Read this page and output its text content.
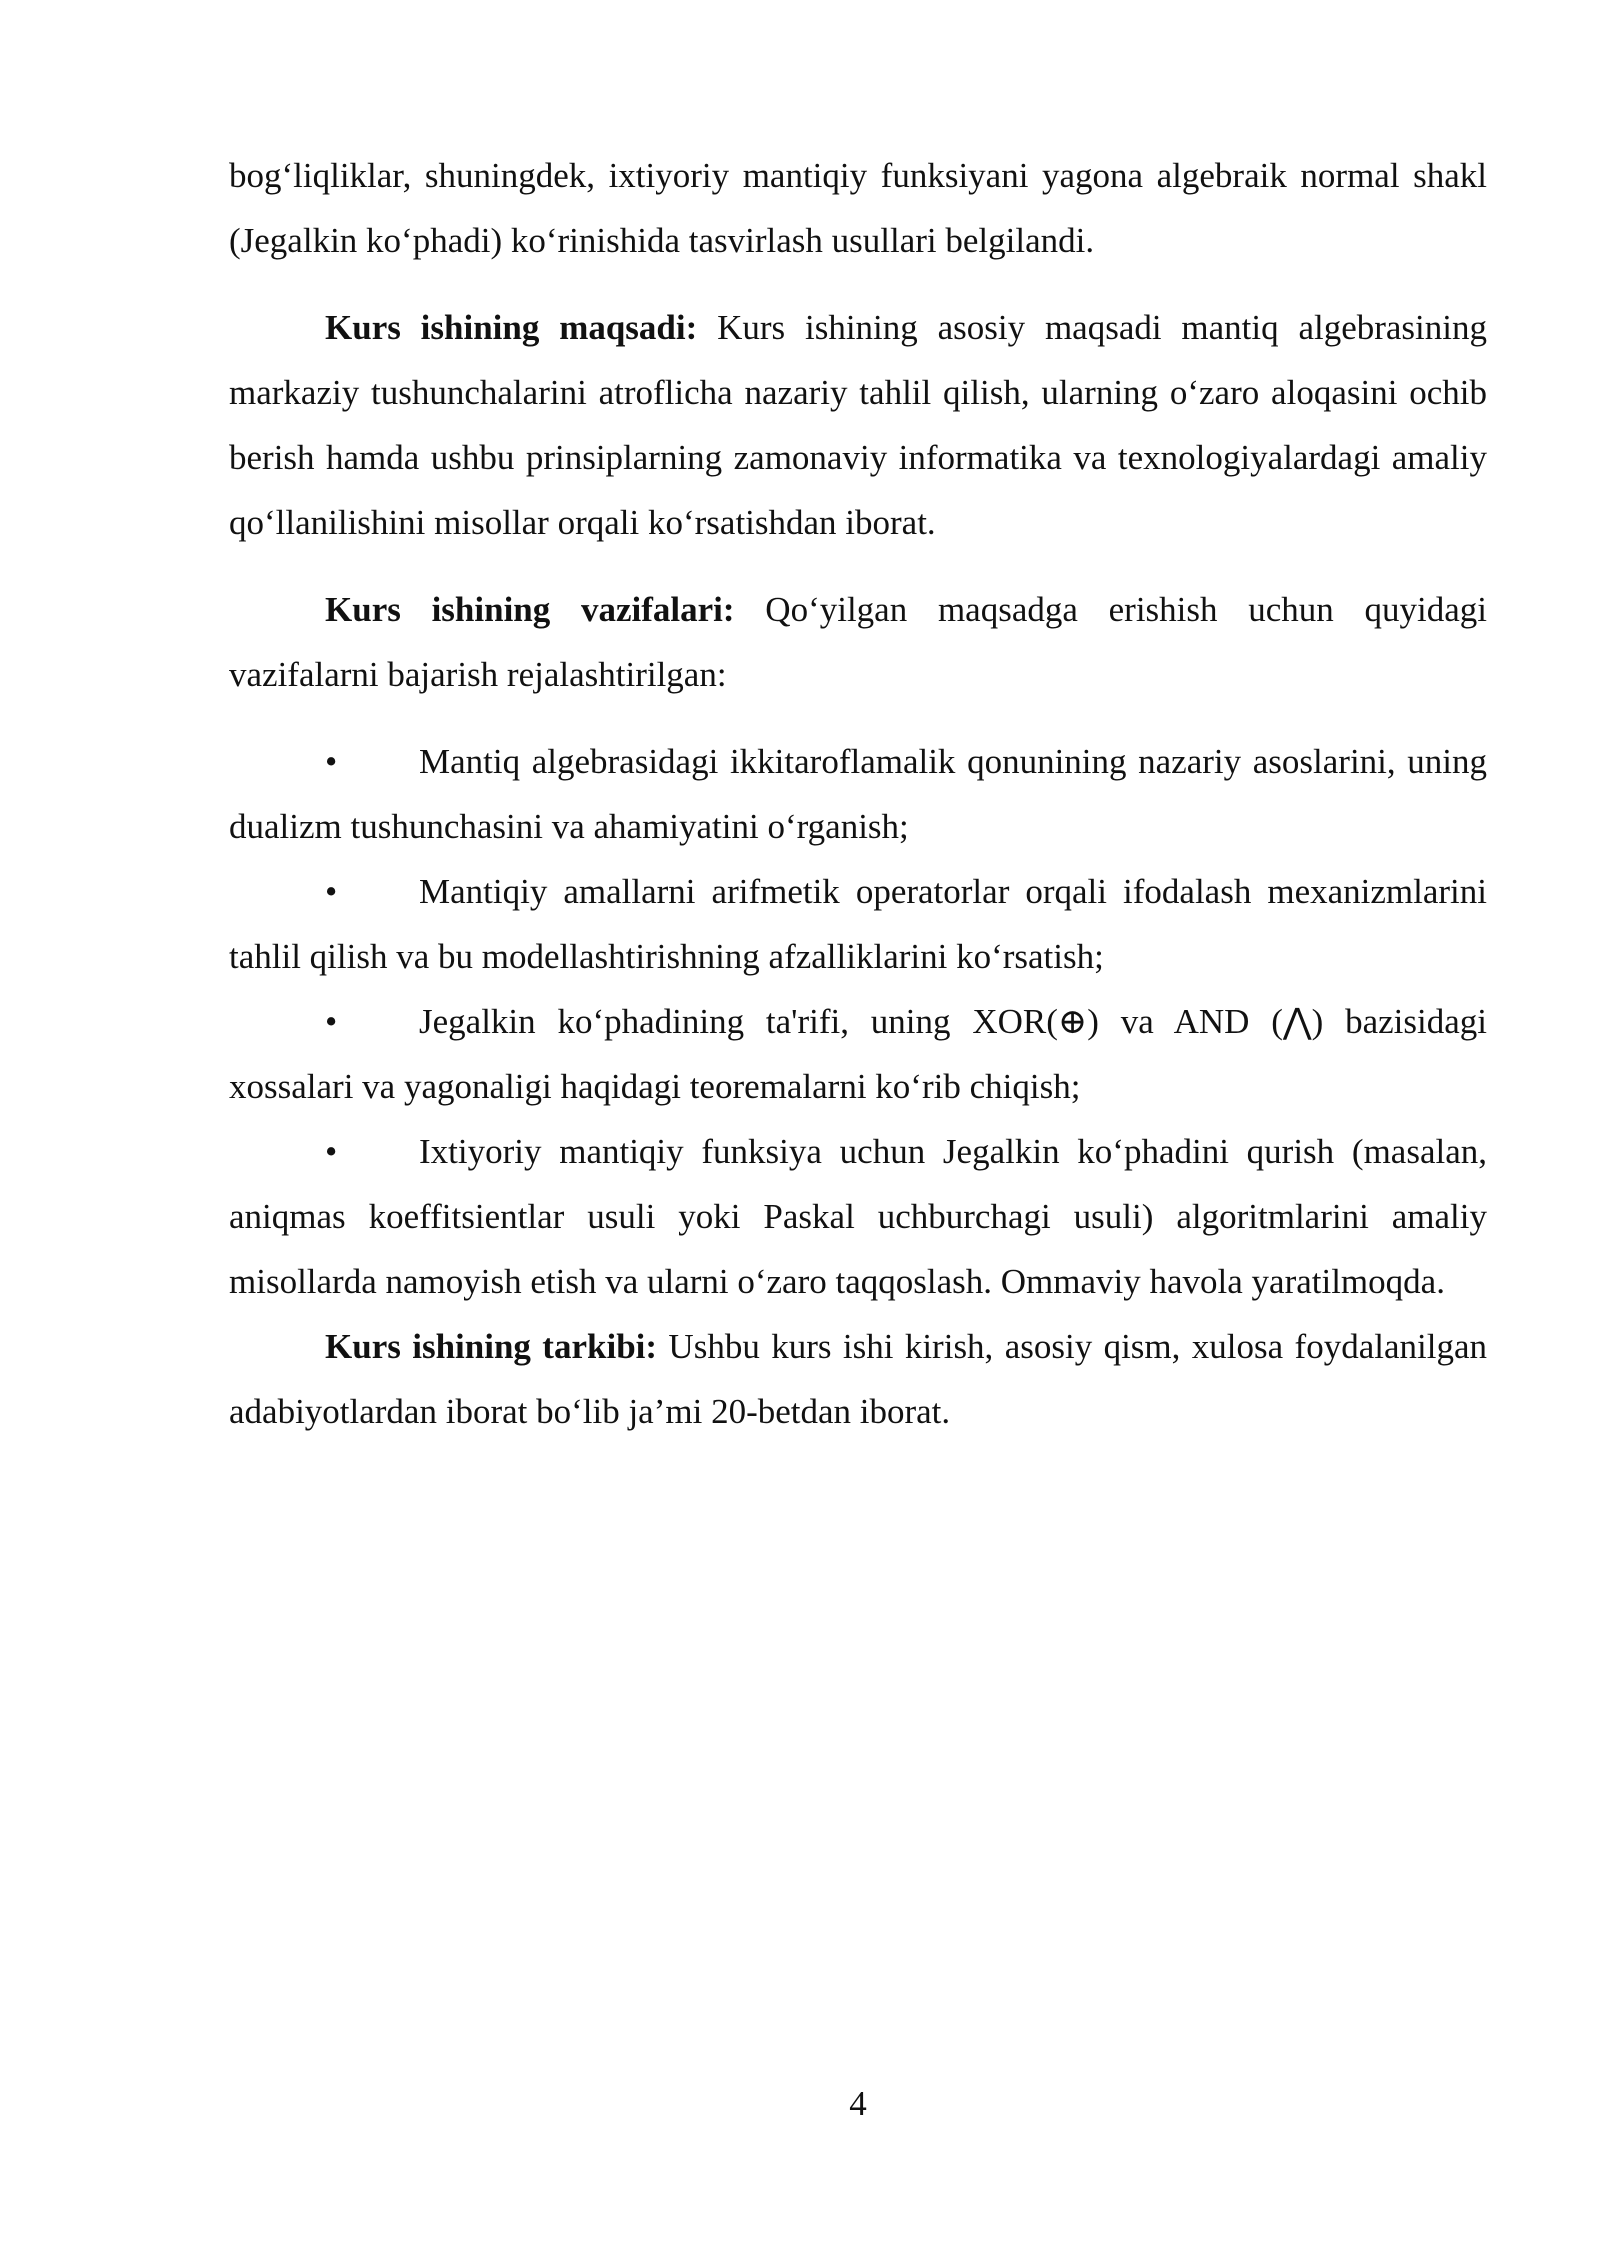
bog‘liqliklar, shuningdek, ixtiyoriy mantiqiy funksiyani yagona algebraik normal shakl (Jegalkin ko‘phadi) ko‘rinishida tasvirlash usullari belgilandi.

Kurs ishining maqsadi: Kurs ishining asosiy maqsadi mantiq algebrasining markaziy tushunchalarini atroflicha nazariy tahlil qilish, ularning o‘zaro aloqasini ochib berish hamda ushbu prinsiplarning zamonaviy informatika va texnologiyalardagi amaliy qo‘llanilishini misollar orqali ko‘rsatishdan iborat.

Kurs ishining vazifalari: Qo‘yilgan maqsadga erishish uchun quyidagi vazifalarni bajarish rejalashtirilgan:

• Mantiq algebrasidagi ikkitaroflamalik qonunining nazariy asoslarini, uning dualizm tushunchasini va ahamiyatini o‘rganish;

• Mantiqiy amallarni arifmetik operatorlar orqali ifodalash mexanizmlarini tahlil qilish va bu modellashtirishning afzalliklarini ko‘rsatish;

• Jegalkin ko‘phadining ta'rifi, uning XOR(⊕) va AND (⋀) bazisidagi xossalari va yagonaligi haqidagi teoremalarni ko‘rib chiqish;

• Ixtiyoriy mantiqiy funksiya uchun Jegalkin ko‘phadini qurish (masalan, aniqmas koeffitsientlar usuli yoki Paskal uchburchagi usuli) algoritmlarini amaliy misollarda namoyish etish va ularni o‘zaro taqqoslash. Ommaviy havola yaratilmoqda.

Kurs ishining tarkibi: Ushbu kurs ishi kirish, asosiy qism, xulosa foydalanilgan adabiyotlardan iborat bo‘lib ja’mi 20-betdan iborat.

4
